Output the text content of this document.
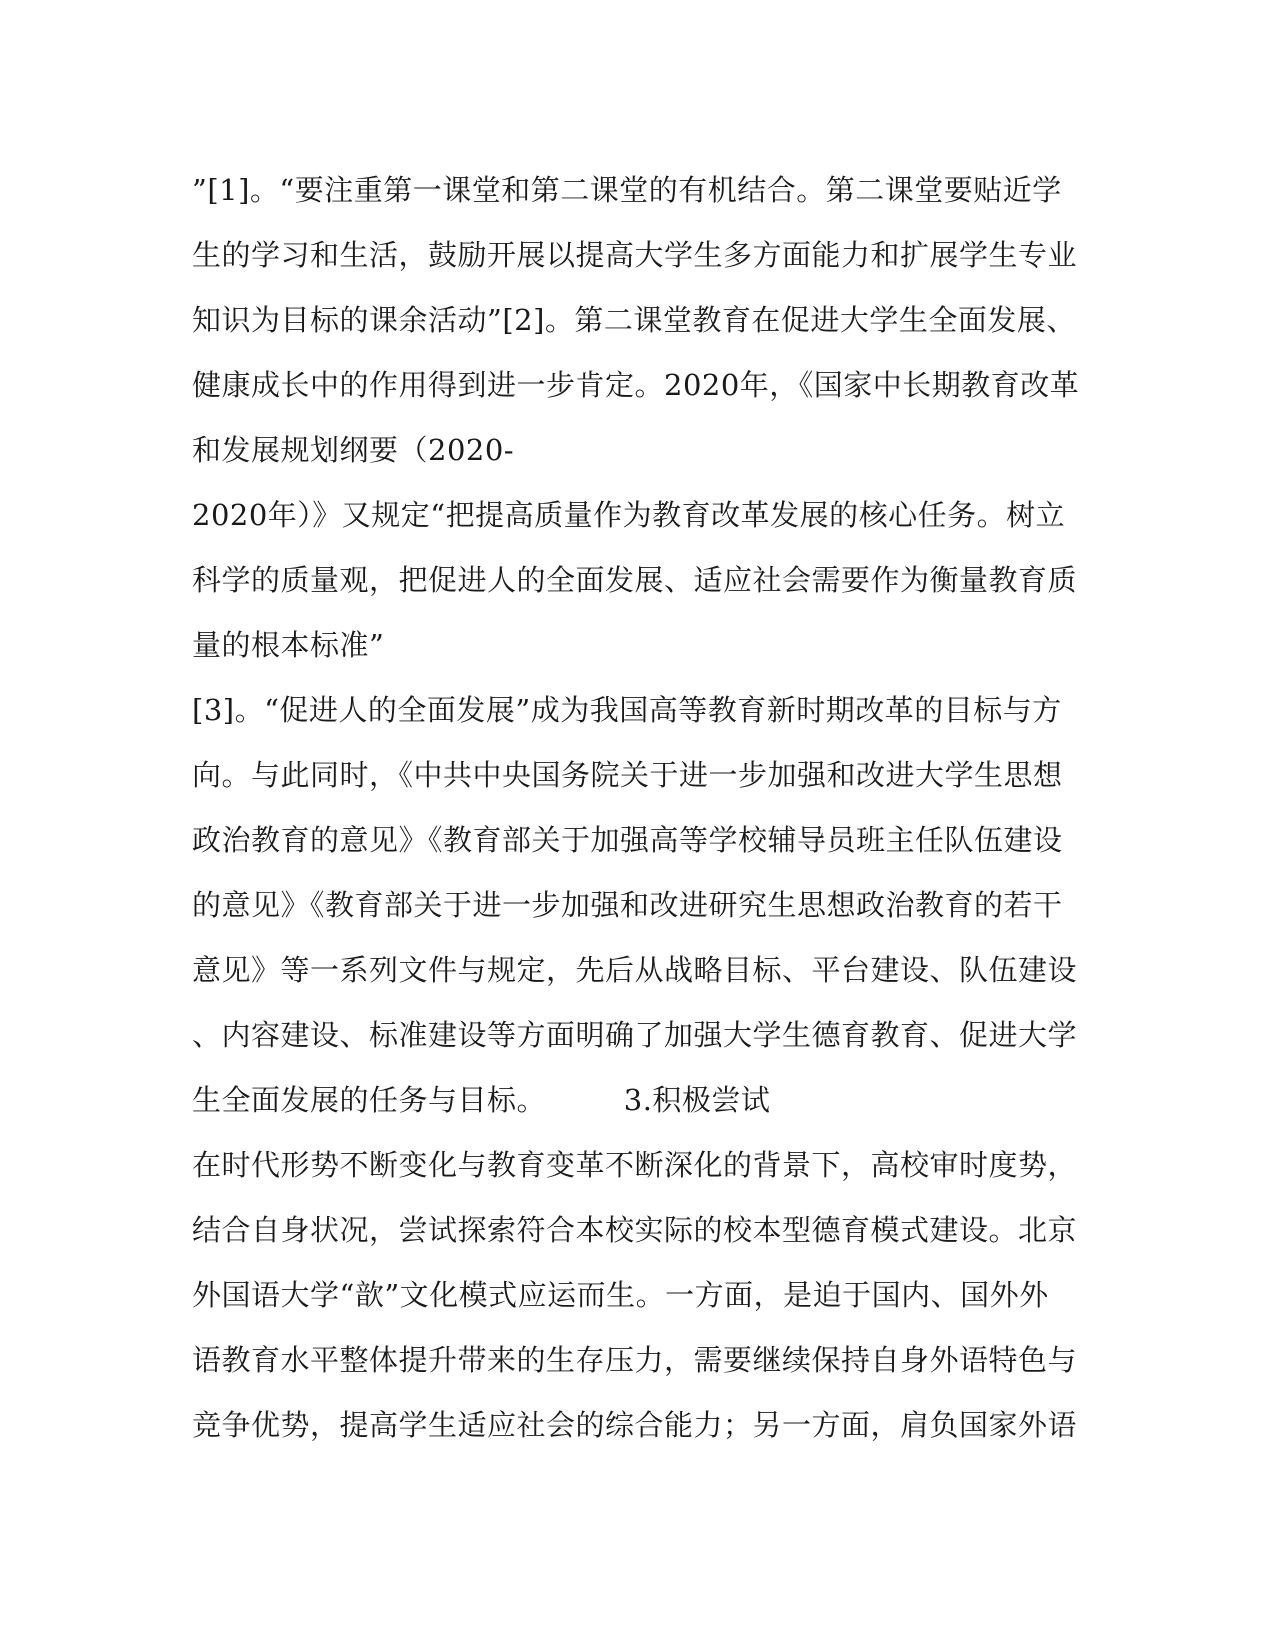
”[1]。“要注重第一课堂和第二课堂的有机结合。第二课堂要贴近学
生的学习和生活，鼓励开展以提高大学生多方面能力和扩展学生专业
知识为目标的课余活动”[2]。第二课堂教育在促进大学生全面发展、
健康成长中的作用得到进一步肯定。2020年，《国家中长期教育改革
和发展规划纲要（2020-
2020年）》又规定“把提高质量作为教育改革发展的核心任务。树立
科学的质量观，把促进人的全面发展、适应社会需要作为衡量教育质
量的根本标准”
[3]。“促进人的全面发展”成为我国高等教育新时期改革的目标与方
向。与此同时，《中共中央国务院关于进一步加强和改进大学生思想
政治教育的意见》《教育部关于加强高等学校辅导员班主任队伍建设
的意见》《教育部关于进一步加强和改进研究生思想政治教育的若干
意见》等一系列文件与规定，先后从战略目标、平台建设、队伍建设
、内容建设、标准建设等方面明确了加强大学生德育教育、促进大学
生全面发展的任务与目标。        3.积极尝试
在时代形势不断变化与教育变革不断深化的背景下，高校审时度势，
结合自身状况，尝试探索符合本校实际的校本型德育模式建设。北京
外国语大学“歆”文化模式应运而生。一方面，是迫于国内、国外外
语教育水平整体提升带来的生存压力，需要继续保持自身外语特色与
竞争优势，提高学生适应社会的综合能力；另一方面，肩负国家外语
